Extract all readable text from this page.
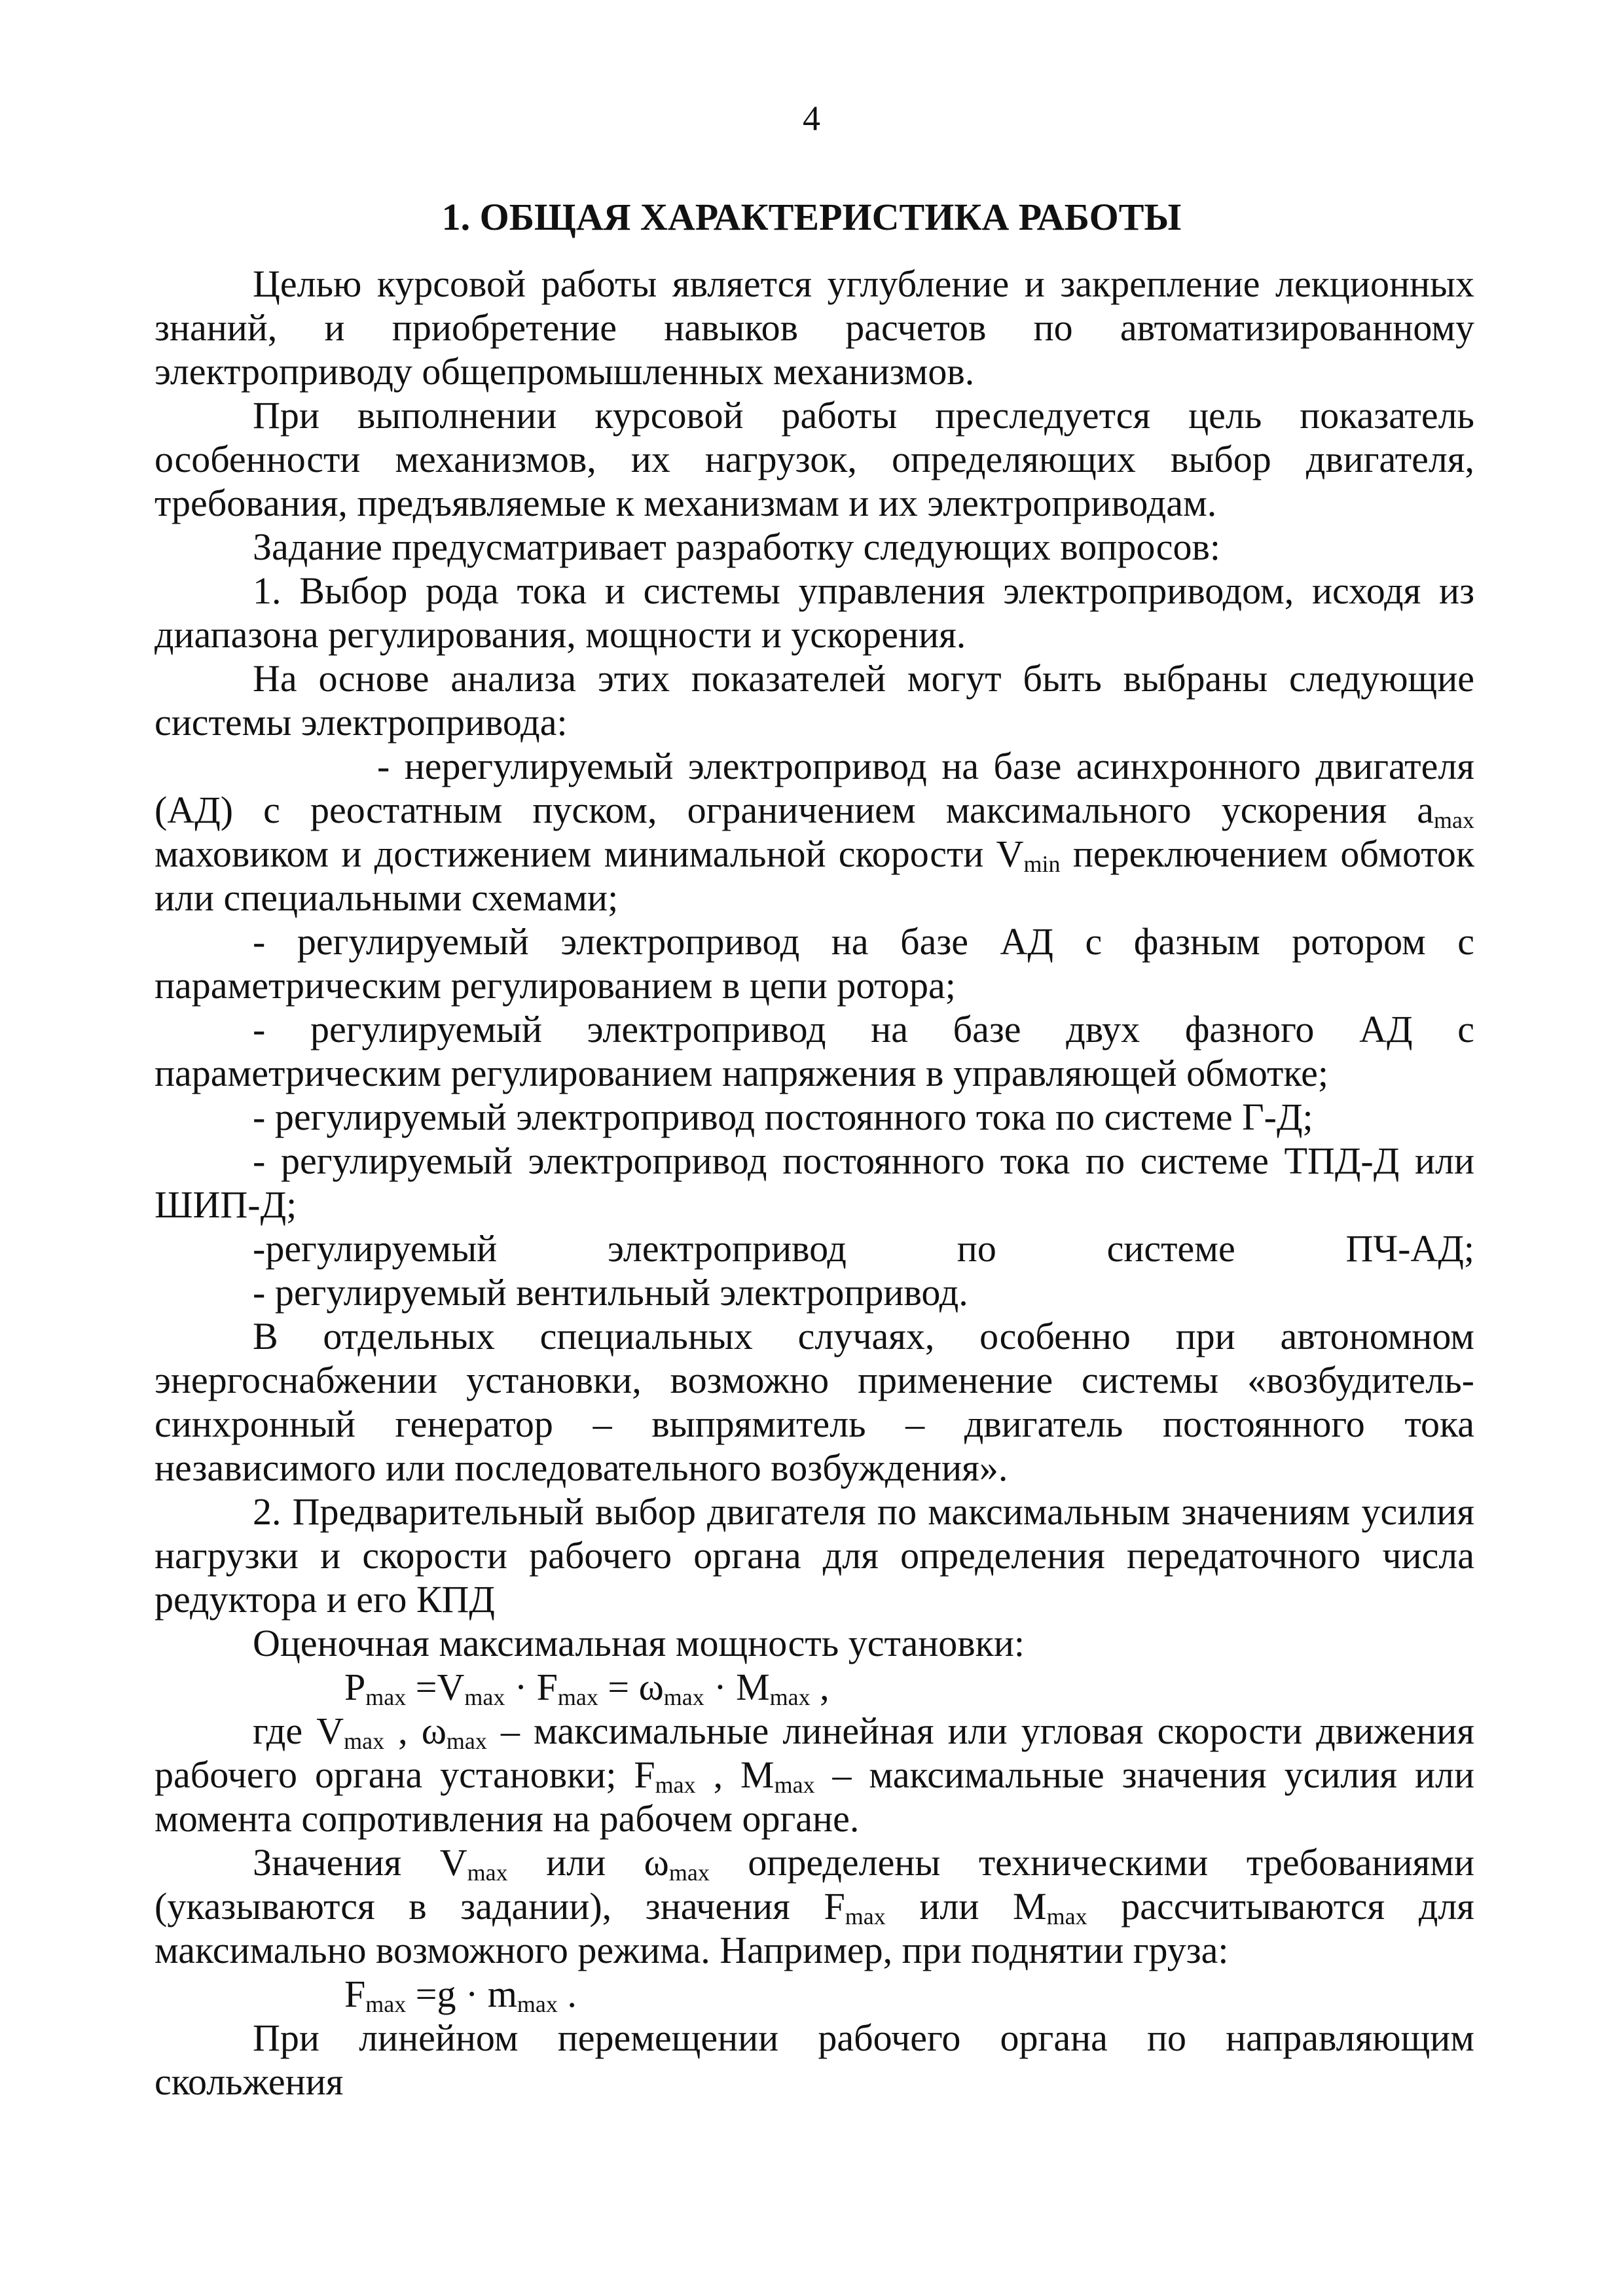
4
1. ОБЩАЯ ХАРАКТЕРИСТИКА РАБОТЫ

Целью курсовой работы является углубление и закрепление лекционных знаний, и приобретение навыков расчетов по автоматизированному электроприводу общепромышленных механизмов.

При выполнении курсовой работы преследуется цель показатель особенности механизмов, их нагрузок, определяющих выбор двигателя, требования, предъявляемые к механизмам и их электроприводам.

Задание предусматривает разработку следующих вопросов:

1. Выбор рода тока и системы управления электроприводом, исходя из диапазона регулирования, мощности и ускорения.

На основе анализа этих показателей могут быть выбраны следующие системы электропривода:

- нерегулируемый электропривод на базе асинхронного двигателя (АД) с реостатным пуском, ограничением максимального ускорения $a_{max}$ маховиком и достижением минимальной скорости $V_{min}$ переключением обмоток или специальными схемами;

- регулируемый электропривод на базе АД с фазным ротором с параметрическим регулированием в цепи ротора;

- регулируемый электропривод на базе двух фазного АД с параметрическим регулированием напряжения в управляющей обмотке;

- регулируемый электропривод постоянного тока по системе Г-Д;

- регулируемый электропривод постоянного тока по системе ТПД-Д или ШИП-Д;

-регулируемый электропривод по системе ПЧ-АД;

- регулируемый вентильный электропривод.

В отдельных специальных случаях, особенно при автономном энергоснабжении установки, возможно применение системы «возбудитель-синхронный генератор – выпрямитель – двигатель постоянного тока независимого или последовательного возбуждения».

2. Предварительный выбор двигателя по максимальным значениям усилия нагрузки и скорости рабочего органа для определения передаточного числа редуктора и его КПД

Оценочная максимальная мощность установки:

$P_{max} =V_{max} \cdot F_{max} = \omega_{max} \cdot M_{max}$ ,

где $V_{max}$ , $\omega_{max}$ – максимальные линейная или угловая скорости движения рабочего органа установки; $F_{max}$ , $M_{max}$ – максимальные значения усилия или момента сопротивления на рабочем органе.

Значения $V_{max}$ или $\omega_{max}$ определены техническими требованиями (указываются в задании), значения $F_{max}$ или $M_{max}$ рассчитываются для максимально возможного режима. Например, при поднятии груза:

$F_{max} =g \cdot m_{max}$ .

При линейном перемещении рабочего органа по направляющим скольжения
